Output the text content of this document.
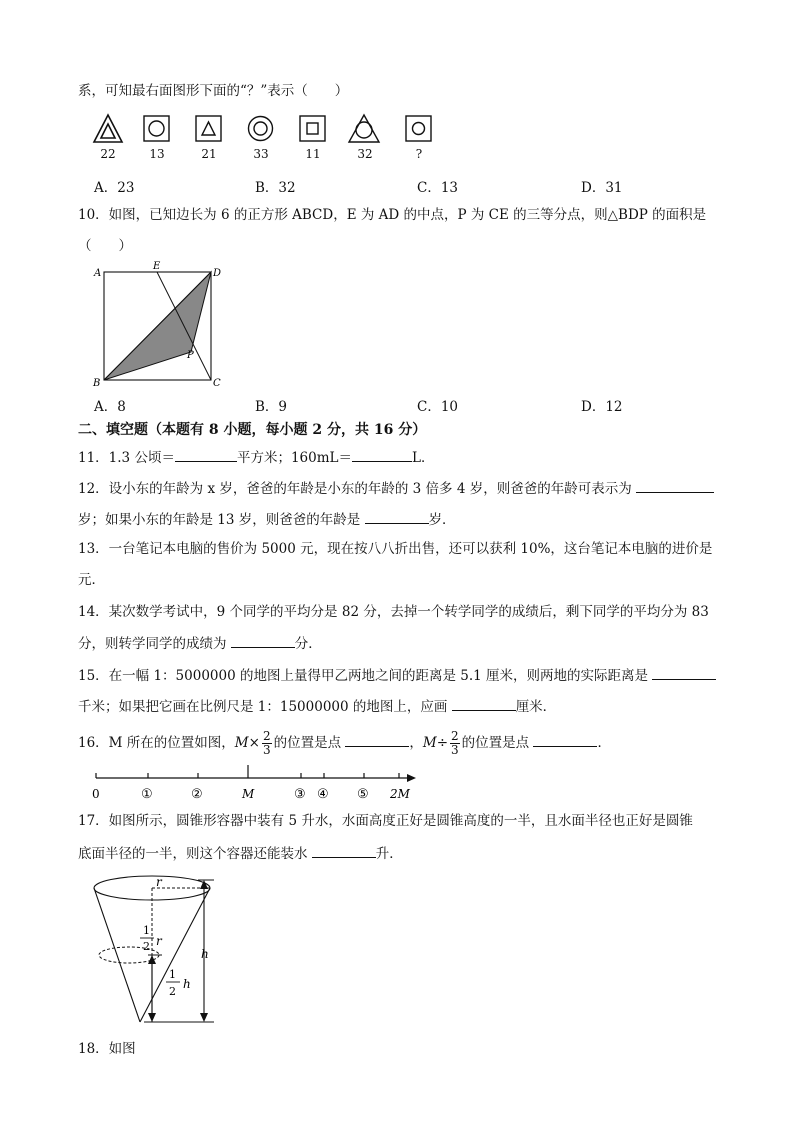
系，可知最右面图形下面的“？”表示（　　）
22	13	21	33	11	32	?
A．23	B．32	C．13	D．31
10．如图，已知边长为 6 的正方形 ABCD，E 为 AD 的中点，P 为 CE 的三等分点，则△BDP 的面积是
（　　）
A
E
D
P
B	C
A．8	B．9	C．10	D．12
二、填空题（本题有 8 小题，每小题 2 分，共 16 分）
11．1.3 公顷＝	平方米；160mL＝	L．
12．设小东的年龄为 x 岁，爸爸的年龄是小东的年龄的 3 倍多 4 岁，则爸爸的年龄可表示为
岁；如果小东的年龄是 13 岁，则爸爸的年龄是	岁．
13．一台笔记本电脑的售价为 5000 元，现在按八八折出售，还可以获利 10%，这台笔记本电脑的进价是
元．
14．某次数学考试中，9 个同学的平均分是 82 分，去掉一个转学同学的成绩后，剩下同学的平均分为 83
分，则转学同学的成绩为	分．
15．在一幅 1：5000000 的地图上量得甲乙两地之间的距离是 5.1 厘米，则两地的实际距离是
千米；如果把它画在比例尺是 1：15000000 的地图上，应画	厘米．
16．M 所在的位置如图，$M\times \frac{2}{3}$ 的位置是点	，$M\div \frac{2}{3}$ 的位置是点	．
0	①	②	M	③ ④ ⑤ 2M
17．如图所示，圆锥形容器中装有 5 升水，水面高度正好是圆锥高度的一半，且水面半径也正好是圆锥
底面半径的一半，则这个容器还能装水	升．
r
h
1
2 r
1
2
h
18．如图
